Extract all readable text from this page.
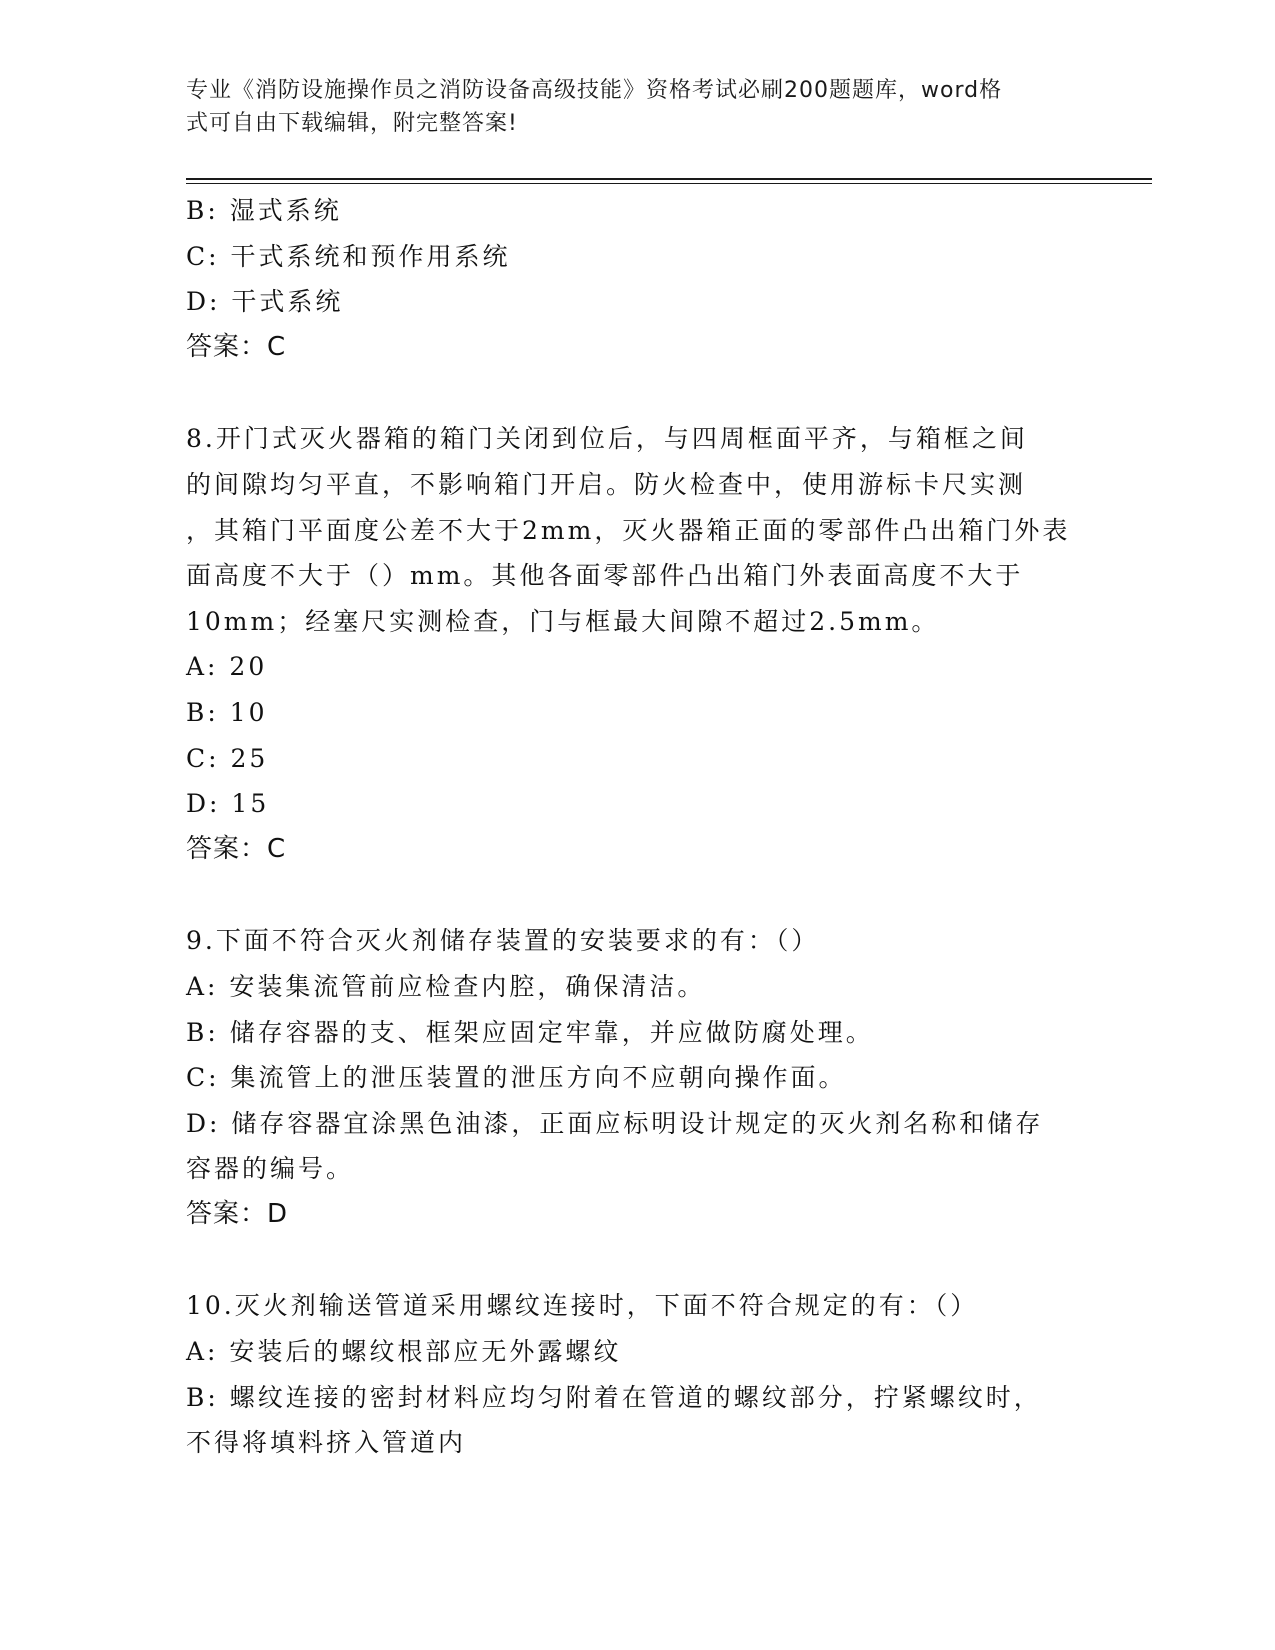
专业《消防设施操作员之消防设备高级技能》资格考试必刷200题题库，word格
式可自由下载编辑，附完整答案!
B: 湿式系统
C: 干式系统和预作用系统
D: 干式系统
答案：C
8.开门式灭火器箱的箱门关闭到位后，与四周框面平齐，与箱框之间
的间隙均匀平直，不影响箱门开启。防火检查中，使用游标卡尺实测
，其箱门平面度公差不大于2mm，灭火器箱正面的零部件凸出箱门外表
面高度不大于（）mm。其他各面零部件凸出箱门外表面高度不大于
10mm；经塞尺实测检查，门与框最大间隙不超过2.5mm。
A: 20
B: 10
C: 25
D: 15
答案：C
9.下面不符合灭火剂储存装置的安装要求的有：（）
A: 安装集流管前应检查内腔，确保清洁。
B: 储存容器的支、框架应固定牢靠，并应做防腐处理。
C: 集流管上的泄压装置的泄压方向不应朝向操作面。
D: 储存容器宜涂黑色油漆，正面应标明设计规定的灭火剂名称和储存
容器的编号。
答案：D
10.灭火剂输送管道采用螺纹连接时，下面不符合规定的有：（）
A: 安装后的螺纹根部应无外露螺纹
B: 螺纹连接的密封材料应均匀附着在管道的螺纹部分，拧紧螺纹时，
不得将填料挤入管道内
